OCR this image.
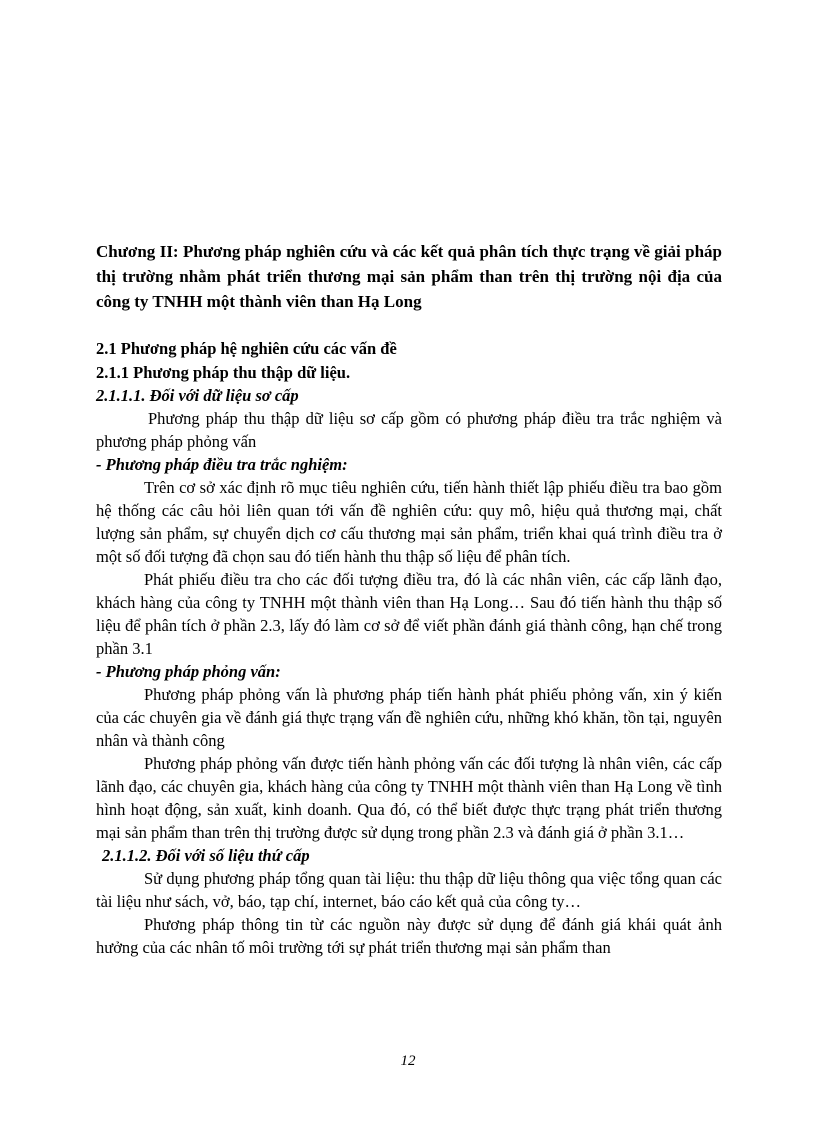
Chương II: Phương pháp nghiên cứu và các kết quả phân tích thực trạng về giải pháp thị trường nhằm phát triển thương mại sản phẩm than trên thị trường nội địa của công ty TNHH một thành viên than Hạ Long

2.1 Phương pháp hệ nghiên cứu các vấn đề

2.1.1 Phương pháp thu thập dữ liệu.

2.1.1.1. Đối với dữ liệu sơ cấp

Phương pháp thu thập dữ liệu sơ cấp gồm có phương pháp điều tra trắc nghiệm và phương pháp phỏng vấn

- Phương pháp điều tra trắc nghiệm:

Trên cơ sở xác định rõ mục tiêu nghiên cứu, tiến hành thiết lập phiếu điều tra bao gồm hệ thống các câu hỏi liên quan tới vấn đề nghiên cứu: quy mô, hiệu quả thương mại, chất lượng sản phẩm, sự chuyển dịch cơ cấu thương mại sản phẩm, triển khai quá trình điều tra ở một số đối tượng đã chọn sau đó tiến hành thu thập số liệu để phân tích.

Phát phiếu điều tra cho các đối tượng điều tra, đó là các nhân viên, các cấp lãnh đạo, khách hàng của công ty TNHH một thành viên than Hạ Long… Sau đó tiến hành thu thập số liệu để phân tích ở phần 2.3, lấy đó làm cơ sở để viết phần đánh giá thành công, hạn chế trong phần 3.1

- Phương pháp phỏng vấn:

Phương pháp phỏng vấn là phương pháp tiến hành phát phiếu phỏng vấn, xin ý kiến của các chuyên gia về đánh giá thực trạng vấn đề nghiên cứu, những khó khăn, tồn tại, nguyên nhân và thành công

Phương pháp phỏng vấn được tiến hành phỏng vấn các đối tượng là nhân viên, các cấp lãnh đạo, các chuyên gia, khách hàng của công ty TNHH một thành viên than Hạ Long về tình hình hoạt động, sản xuất, kinh doanh. Qua đó, có thể biết được thực trạng phát triển thương mại sản phẩm than trên thị trường được sử dụng trong phần 2.3 và đánh giá ở phần 3.1…

2.1.1.2. Đối với số liệu thứ cấp

Sử dụng phương pháp tổng quan tài liệu: thu thập dữ liệu thông qua việc tổng quan các tài liệu như sách, vở, báo, tạp chí, internet, báo cáo kết quả của công ty…

Phương pháp thông tin từ các nguồn này được sử dụng để đánh giá khái quát ảnh hưởng của các nhân tố môi trường tới sự phát triển thương mại sản phẩm than

12
